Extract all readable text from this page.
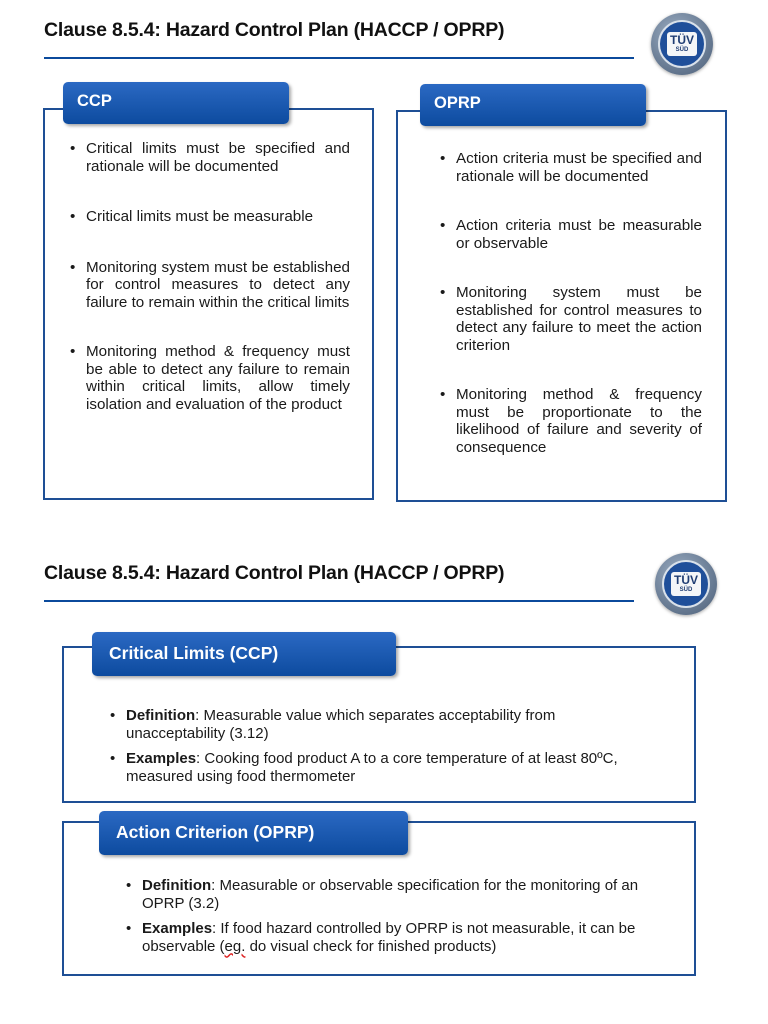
Clause 8.5.4: Hazard Control Plan (HACCP / OPRP)	TÜV
SÜD
• Critical limits must be specified and rationale will be documented
• Critical limits must be measurable
• Monitoring system must be established for control measures to detect any failure to remain within the critical limits
• Monitoring method & frequency must be able to detect any failure to remain within critical limits, allow timely isolation and evaluation of the product
CCP
• Action criteria must be specified and rationale will be documented
• Action criteria must be measurable or observable
• Monitoring system must be established for control measures to detect any failure to meet the action criterion
• Monitoring method & frequency must be proportionate to the likelihood of failure and severity of consequence
OPRP
Clause 8.5.4: Hazard Control Plan (HACCP / OPRP)	TÜV
SÜD
• Definition: Measurable value which separates acceptability from unacceptability (3.12)
• Examples: Cooking food product A to a core temperature of at least 80ºC, measured using food thermometer
Critical Limits (CCP)
• Definition: Measurable or observable specification for the monitoring of an OPRP (3.2)
• Examples: If food hazard controlled by OPRP is not measurable, it can be observable (eg. do visual check for finished products)
Action Criterion (OPRP)
